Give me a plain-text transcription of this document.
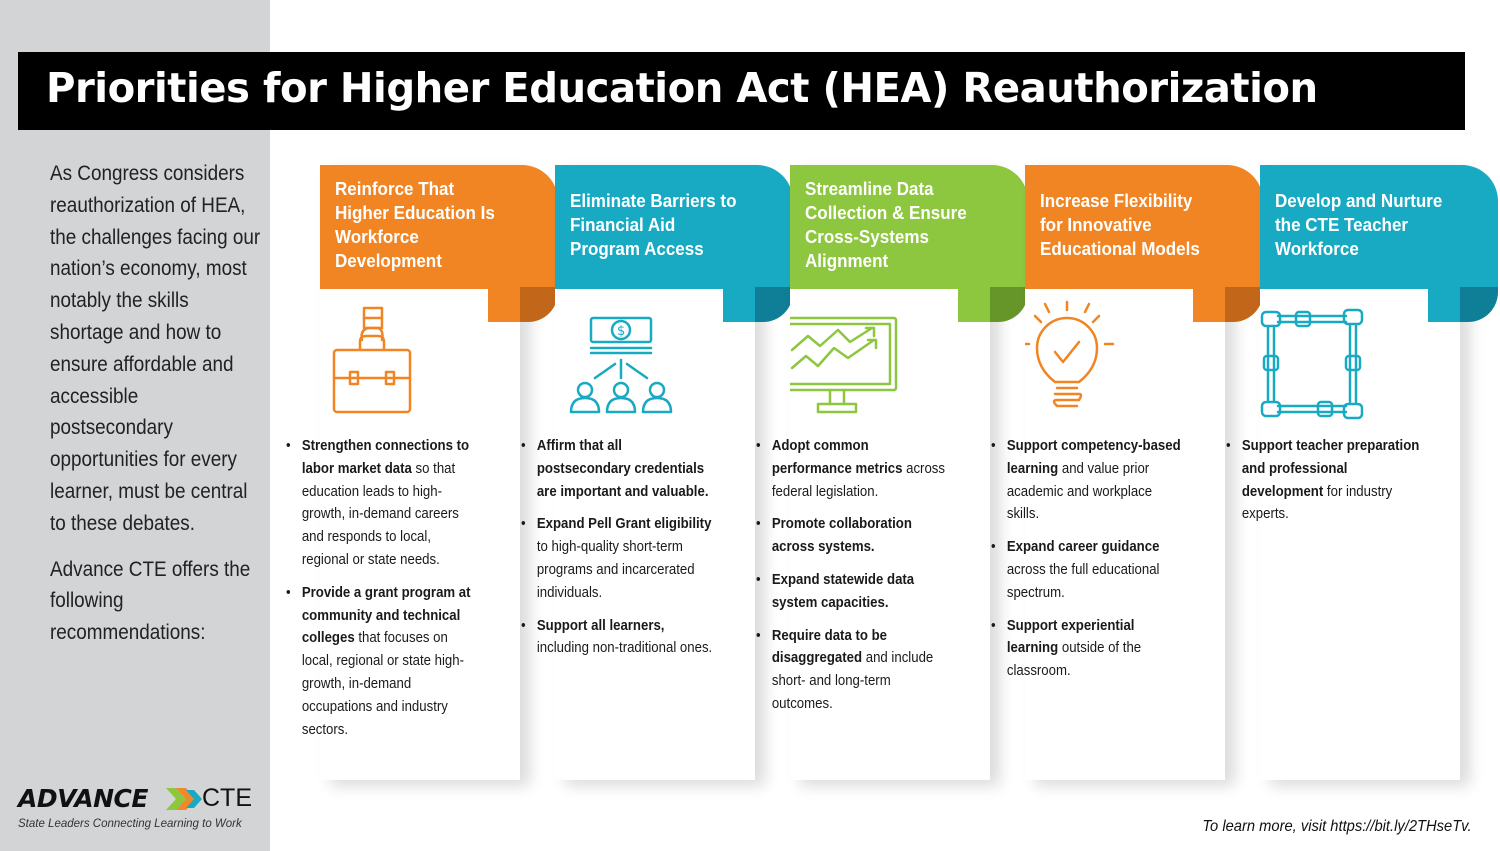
Priorities for Higher Education Act (HEA) Reauthorization

As Congress considers reauthorization of HEA, the challenges facing our nation’s economy, most notably the skills shortage and how to ensure affordable and accessible postsecondary opportunities for every learner, must be central to these debates.

Advance CTE offers the following recommendations:

ADVANCE CTE
State Leaders Connecting Learning to Work
Reinforce That Higher Education Is Workforce Development
• Strengthen connections to labor market data so that education leads to high-growth, in-demand careers and responds to local, regional or state needs.
• Provide a grant program at community and technical colleges that focuses on local, regional or state high-growth, in-demand occupations and industry sectors.
Eliminate Barriers to Financial Aid Program Access
$
• Affirm that all postsecondary credentials are important and valuable.
• Expand Pell Grant eligibility to high-quality short-term programs and incarcerated individuals.
• Support all learners, including non-traditional ones.
Streamline Data Collection & Ensure Cross-Systems Alignment
• Adopt common performance metrics across federal legislation.
• Promote collaboration across systems.
• Expand statewide data system capacities.
• Require data to be disaggregated and include short- and long-term outcomes.
Increase Flexibility for Innovative Educational Models
• Support competency-based learning and value prior academic and workplace skills.
• Expand career guidance across the full educational spectrum.
• Support experiential learning outside of the classroom.
Develop and Nurture the CTE Teacher Workforce
• Support teacher preparation and professional development for industry experts.
To learn more, visit https://bit.ly/2THseTv.
